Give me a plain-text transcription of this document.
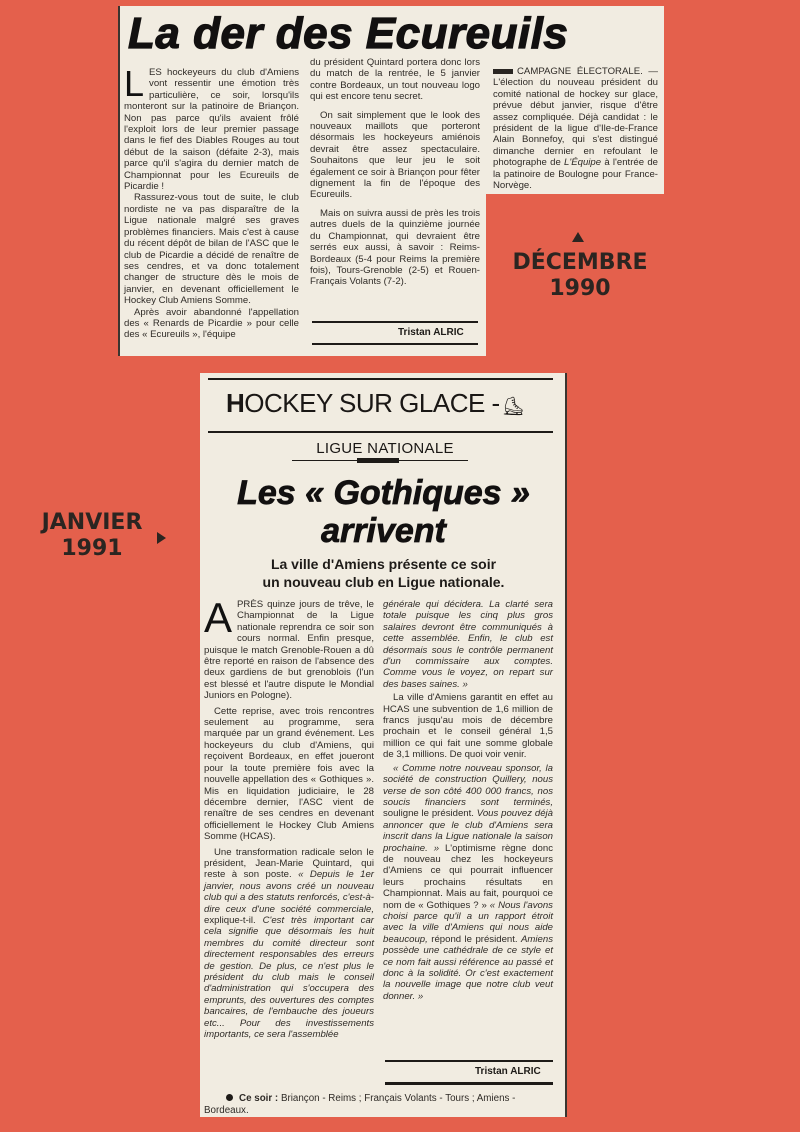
La der des Ecureuils

LES hockeyeurs du club d'Amiens vont ressentir une émotion très particulière, ce soir, lorsqu'ils monteront sur la patinoire de Briançon. Non pas parce qu'ils avaient frôlé l'exploit lors de leur premier passage dans le fief des Diables Rouges au tout début de la saison (défaite 2-3), mais parce qu'il s'agira du dernier match de Championnat pour les Ecureuils de Picardie !

Rassurez-vous tout de suite, le club nordiste ne va pas disparaître de la Ligue nationale malgré ses graves problèmes financiers. Mais c'est à cause du récent dépôt de bilan de l'ASC que le club de Picardie a décidé de renaître de ses cendres, et va donc totalement changer de structure dès le mois de janvier, en devenant officiellement le Hockey Club Amiens Somme.

Après avoir abandonné l'appellation des « Renards de Picardie » pour celle des « Ecureuils », l'équipe

du président Quintard portera donc lors du match de la rentrée, le 5 janvier contre Bordeaux, un tout nouveau logo qui est encore tenu secret.

On sait simplement que le look des nouveaux maillots que porteront désormais les hockeyeurs amiénois devrait être assez spectaculaire. Souhaitons que leur jeu le soit également ce soir à Briançon pour fêter dignement la fin de l'époque des Ecureuils.

Mais on suivra aussi de près les trois autres duels de la quinzième journée du Championnat, qui devraient être serrés eux aussi, à savoir : Reims-Bordeaux (5-4 pour Reims la première fois), Tours-Grenoble (2-5) et Rouen-Français Volants (7-2).

Tristan ALRIC

CAMPAGNE ÉLECTORALE. — L'élection du nouveau président du comité national de hockey sur glace, prévue début janvier, risque d'être assez compliquée. Déjà candidat : le président de la ligue d'Ile-de-France Alain Bonnefoy, qui s'est distingué dimanche dernier en refoulant le photographe de L'Équipe à l'entrée de la patinoire de Boulogne pour France-Norvège.

DÉCEMBRE
1990
JANVIER
1991
HOCKEY SUR GLACE - ⛸
LIGUE NATIONALE
Les « Gothiques »
arrivent
La ville d'Amiens présente ce soir
un nouveau club en Ligue nationale.

APRÈS quinze jours de trêve, le Championnat de la Ligue nationale reprendra ce soir son cours normal. Enfin presque, puisque le match Grenoble-Rouen a dû être reporté en raison de l'absence des deux gardiens de but grenoblois (l'un est blessé et l'autre dispute le Mondial Juniors en Pologne).

Cette reprise, avec trois rencontres seulement au programme, sera marquée par un grand événement. Les hockeyeurs du club d'Amiens, qui reçoivent Bordeaux, en effet joueront pour la toute première fois avec la nouvelle appellation des « Gothiques ». Mis en liquidation judiciaire, le 28 décembre dernier, l'ASC vient de renaître de ses cendres en devenant officiellement le Hockey Club Amiens Somme (HCAS).

Une transformation radicale selon le président, Jean-Marie Quintard, qui reste à son poste. « Depuis le 1er janvier, nous avons créé un nouveau club qui a des statuts renforcés, c'est-à-dire ceux d'une société commerciale, explique-t-il. C'est très important car cela signifie que désormais les huit membres du comité directeur sont directement responsables des erreurs de gestion. De plus, ce n'est plus le président du club mais le conseil d'administration qui s'occupera des emprunts, des ouvertures des comptes bancaires, de l'embauche des joueurs etc... Pour des investissements importants, ce sera l'assemblée

générale qui décidera. La clarté sera totale puisque les cinq plus gros salaires devront être communiqués à cette assemblée. Enfin, le club est désormais sous le contrôle permanent d'un commissaire aux comptes. Comme vous le voyez, on repart sur des bases saines. »

La ville d'Amiens garantit en effet au HCAS une subvention de 1,6 million de francs jusqu'au mois de décembre prochain et le conseil général 1,5 million ce qui fait une somme globale de 3,1 millions. De quoi voir venir.

« Comme notre nouveau sponsor, la société de construction Quillery, nous verse de son côté 400 000 francs, nos soucis financiers sont terminés, souligne le président. Vous pouvez déjà annoncer que le club d'Amiens sera inscrit dans la Ligue nationale la saison prochaine. » L'optimisme règne donc de nouveau chez les hockeyeurs d'Amiens ce qui pourrait influencer leurs prochains résultats en Championnat. Mais au fait, pourquoi ce nom de « Gothiques ? » « Nous l'avons choisi parce qu'il a un rapport étroit avec la ville d'Amiens qui nous aide beaucoup, répond le président. Amiens possède une cathédrale de ce style et ce nom fait aussi référence au passé et donc à la solidité. Or c'est exactement la nouvelle image que notre club veut donner. »

Tristan ALRIC
Ce soir : Briançon - Reims ; Français Volants - Tours ; Amiens - Bordeaux.
